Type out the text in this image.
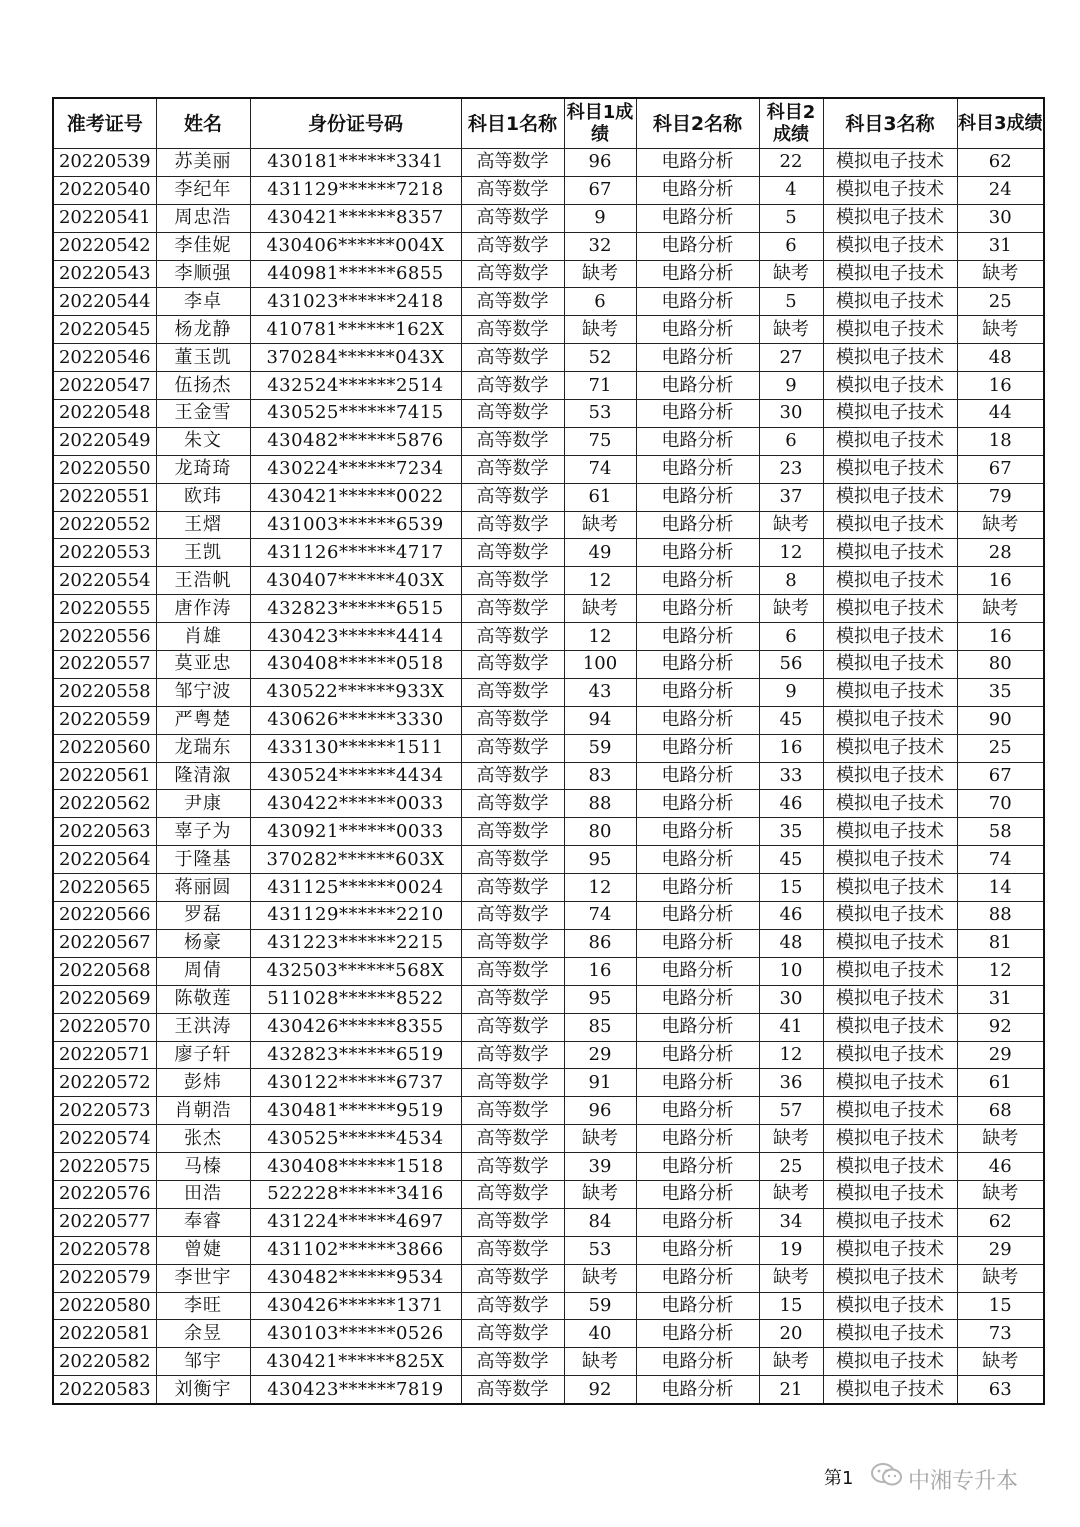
准考证号	姓名	身份证号码	科目1名称	科目1成绩	科目2名称	科目2成绩	科目3名称	科目3成绩
20220539	苏美丽	430181******3341	高等数学	96	电路分析	22	模拟电子技术	62
20220540	李纪年	431129******7218	高等数学	67	电路分析	4	模拟电子技术	24
20220541	周忠浩	430421******8357	高等数学	9	电路分析	5	模拟电子技术	30
20220542	李佳妮	430406******004X	高等数学	32	电路分析	6	模拟电子技术	31
20220543	李顺强	440981******6855	高等数学	缺考	电路分析	缺考	模拟电子技术	缺考
20220544	李卓	431023******2418	高等数学	6	电路分析	5	模拟电子技术	25
20220545	杨龙静	410781******162X	高等数学	缺考	电路分析	缺考	模拟电子技术	缺考
20220546	董玉凯	370284******043X	高等数学	52	电路分析	27	模拟电子技术	48
20220547	伍扬杰	432524******2514	高等数学	71	电路分析	9	模拟电子技术	16
20220548	王金雪	430525******7415	高等数学	53	电路分析	30	模拟电子技术	44
20220549	朱文	430482******5876	高等数学	75	电路分析	6	模拟电子技术	18
20220550	龙琦琦	430224******7234	高等数学	74	电路分析	23	模拟电子技术	67
20220551	欧玮	430421******0022	高等数学	61	电路分析	37	模拟电子技术	79
20220552	王熠	431003******6539	高等数学	缺考	电路分析	缺考	模拟电子技术	缺考
20220553	王凯	431126******4717	高等数学	49	电路分析	12	模拟电子技术	28
20220554	王浩帆	430407******403X	高等数学	12	电路分析	8	模拟电子技术	16
20220555	唐作涛	432823******6515	高等数学	缺考	电路分析	缺考	模拟电子技术	缺考
20220556	肖雄	430423******4414	高等数学	12	电路分析	6	模拟电子技术	16
20220557	莫亚忠	430408******0518	高等数学	100	电路分析	56	模拟电子技术	80
20220558	邹宁波	430522******933X	高等数学	43	电路分析	9	模拟电子技术	35
20220559	严粤楚	430626******3330	高等数学	94	电路分析	45	模拟电子技术	90
20220560	龙瑞东	433130******1511	高等数学	59	电路分析	16	模拟电子技术	25
20220561	隆清溆	430524******4434	高等数学	83	电路分析	33	模拟电子技术	67
20220562	尹康	430422******0033	高等数学	88	电路分析	46	模拟电子技术	70
20220563	辜子为	430921******0033	高等数学	80	电路分析	35	模拟电子技术	58
20220564	于隆基	370282******603X	高等数学	95	电路分析	45	模拟电子技术	74
20220565	蒋丽圆	431125******0024	高等数学	12	电路分析	15	模拟电子技术	14
20220566	罗磊	431129******2210	高等数学	74	电路分析	46	模拟电子技术	88
20220567	杨豪	431223******2215	高等数学	86	电路分析	48	模拟电子技术	81
20220568	周倩	432503******568X	高等数学	16	电路分析	10	模拟电子技术	12
20220569	陈敬莲	511028******8522	高等数学	95	电路分析	30	模拟电子技术	31
20220570	王洪涛	430426******8355	高等数学	85	电路分析	41	模拟电子技术	92
20220571	廖子轩	432823******6519	高等数学	29	电路分析	12	模拟电子技术	29
20220572	彭炜	430122******6737	高等数学	91	电路分析	36	模拟电子技术	61
20220573	肖朝浩	430481******9519	高等数学	96	电路分析	57	模拟电子技术	68
20220574	张杰	430525******4534	高等数学	缺考	电路分析	缺考	模拟电子技术	缺考
20220575	马榛	430408******1518	高等数学	39	电路分析	25	模拟电子技术	46
20220576	田浩	522228******3416	高等数学	缺考	电路分析	缺考	模拟电子技术	缺考
20220577	奉睿	431224******4697	高等数学	84	电路分析	34	模拟电子技术	62
20220578	曾婕	431102******3866	高等数学	53	电路分析	19	模拟电子技术	29
20220579	李世宇	430482******9534	高等数学	缺考	电路分析	缺考	模拟电子技术	缺考
20220580	李旺	430426******1371	高等数学	59	电路分析	15	模拟电子技术	15
20220581	余昱	430103******0526	高等数学	40	电路分析	20	模拟电子技术	73
20220582	邹宇	430421******825X	高等数学	缺考	电路分析	缺考	模拟电子技术	缺考
20220583	刘衡宇	430423******7819	高等数学	92	电路分析	21	模拟电子技术	63
第1 中湘专升本
